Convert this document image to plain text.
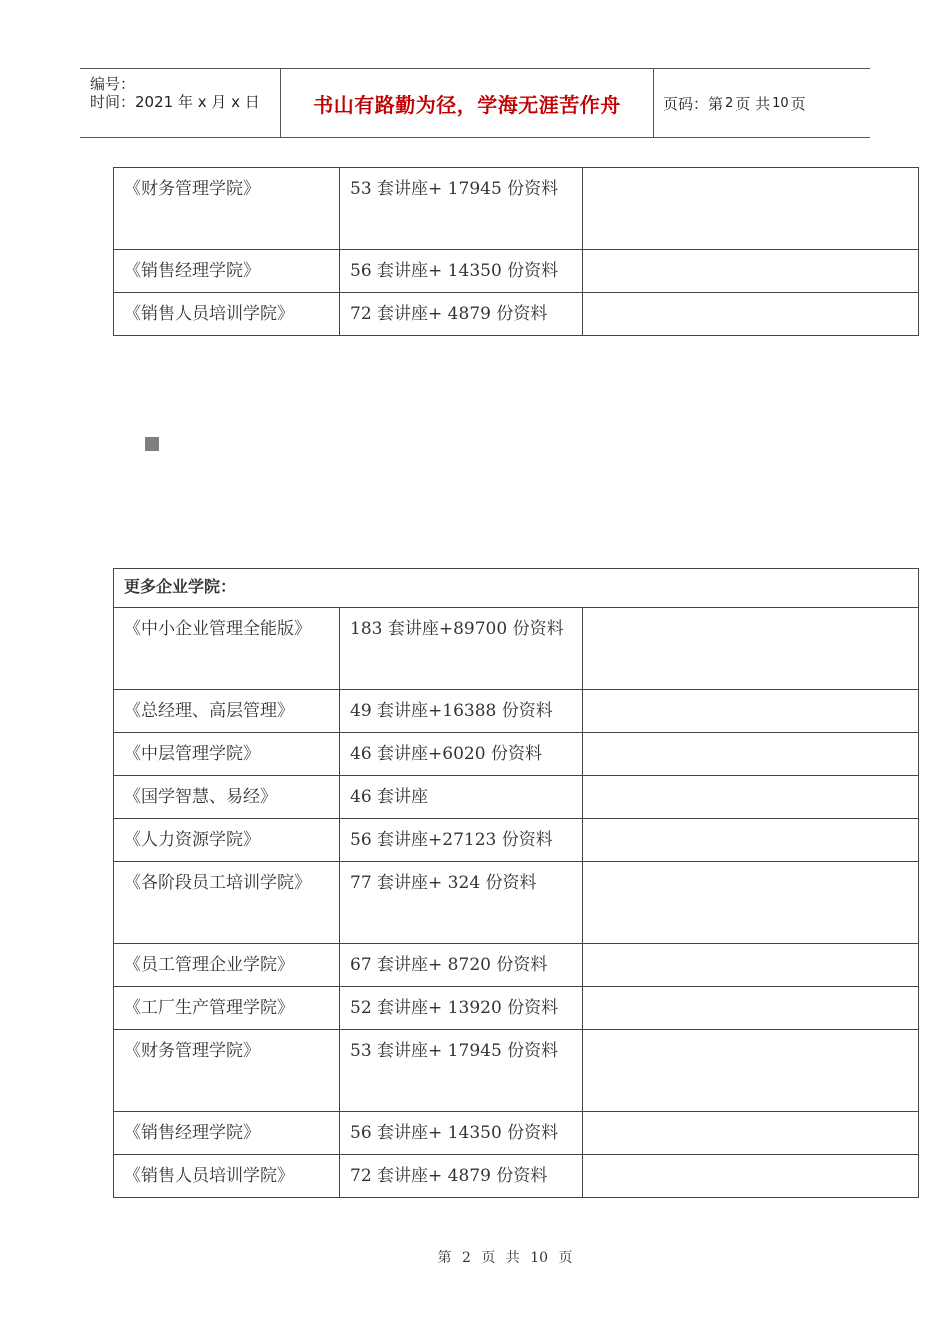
编号：
时间：2021 年 x 月 x 日	书山有路勤为径，学海无涯苦作舟	页码：第 2 页 共 10 页
《财务管理学院》	53 套讲座+ 17945 份资料	

《销售经理学院》	56 套讲座+ 14350 份资料	

《销售人员培训学院》	72 套讲座+ 4879 份资料	

更多企业学院：		

《中小企业管理全能版》	183 套讲座+89700 份资料	

《总经理、高层管理》	49 套讲座+16388 份资料	

《中层管理学院》	46 套讲座+6020 份资料	

《国学智慧、易经》	46 套讲座	

《人力资源学院》	56 套讲座+27123 份资料	

《各阶段员工培训学院》	77 套讲座+ 324 份资料	

《员工管理企业学院》	67 套讲座+ 8720 份资料	

《工厂生产管理学院》	52 套讲座+ 13920 份资料	

《财务管理学院》	53 套讲座+ 17945 份资料	

《销售经理学院》	56 套讲座+ 14350 份资料	

《销售人员培训学院》	72 套讲座+ 4879 份资料	

第 2 页 共 10 页
